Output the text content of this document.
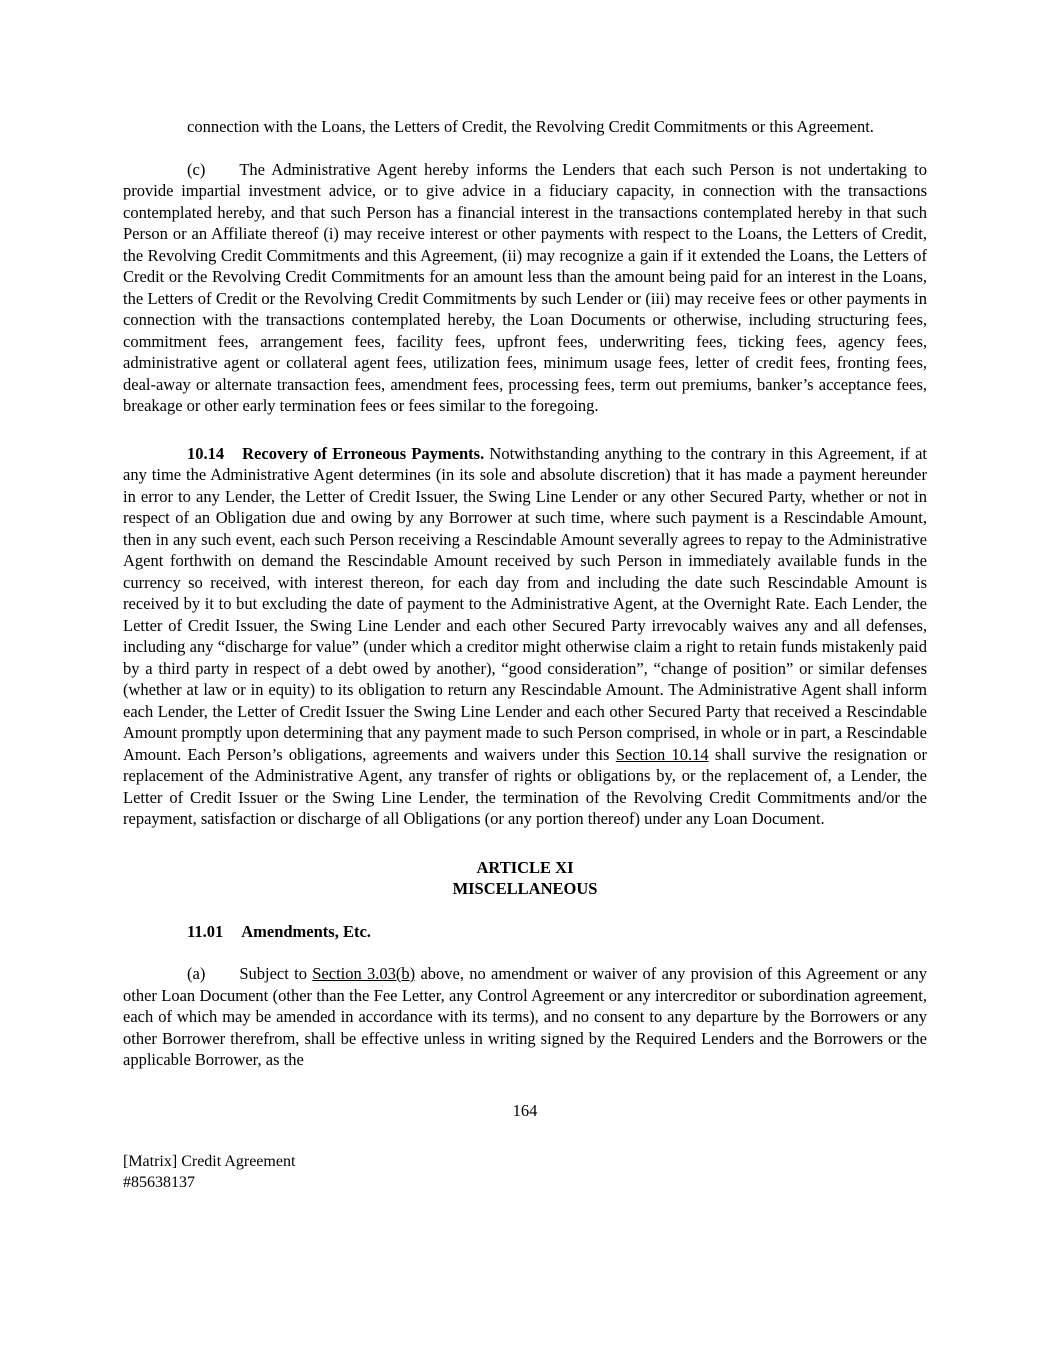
connection with the Loans, the Letters of Credit, the Revolving Credit Commitments or this Agreement.

(c) The Administrative Agent hereby informs the Lenders that each such Person is not undertaking to provide impartial investment advice, or to give advice in a fiduciary capacity, in connection with the transactions contemplated hereby, and that such Person has a financial interest in the transactions contemplated hereby in that such Person or an Affiliate thereof (i) may receive interest or other payments with respect to the Loans, the Letters of Credit, the Revolving Credit Commitments and this Agreement, (ii) may recognize a gain if it extended the Loans, the Letters of Credit or the Revolving Credit Commitments for an amount less than the amount being paid for an interest in the Loans, the Letters of Credit or the Revolving Credit Commitments by such Lender or (iii) may receive fees or other payments in connection with the transactions contemplated hereby, the Loan Documents or otherwise, including structuring fees, commitment fees, arrangement fees, facility fees, upfront fees, underwriting fees, ticking fees, agency fees, administrative agent or collateral agent fees, utilization fees, minimum usage fees, letter of credit fees, fronting fees, deal-away or alternate transaction fees, amendment fees, processing fees, term out premiums, banker’s acceptance fees, breakage or other early termination fees or fees similar to the foregoing.

10.14 Recovery of Erroneous Payments. Notwithstanding anything to the contrary in this Agreement, if at any time the Administrative Agent determines (in its sole and absolute discretion) that it has made a payment hereunder in error to any Lender, the Letter of Credit Issuer, the Swing Line Lender or any other Secured Party, whether or not in respect of an Obligation due and owing by any Borrower at such time, where such payment is a Rescindable Amount, then in any such event, each such Person receiving a Rescindable Amount severally agrees to repay to the Administrative Agent forthwith on demand the Rescindable Amount received by such Person in immediately available funds in the currency so received, with interest thereon, for each day from and including the date such Rescindable Amount is received by it to but excluding the date of payment to the Administrative Agent, at the Overnight Rate. Each Lender, the Letter of Credit Issuer, the Swing Line Lender and each other Secured Party irrevocably waives any and all defenses, including any “discharge for value” (under which a creditor might otherwise claim a right to retain funds mistakenly paid by a third party in respect of a debt owed by another), “good consideration”, “change of position” or similar defenses (whether at law or in equity) to its obligation to return any Rescindable Amount. The Administrative Agent shall inform each Lender, the Letter of Credit Issuer the Swing Line Lender and each other Secured Party that received a Rescindable Amount promptly upon determining that any payment made to such Person comprised, in whole or in part, a Rescindable Amount. Each Person’s obligations, agreements and waivers under this Section 10.14 shall survive the resignation or replacement of the Administrative Agent, any transfer of rights or obligations by, or the replacement of, a Lender, the Letter of Credit Issuer or the Swing Line Lender, the termination of the Revolving Credit Commitments and/or the repayment, satisfaction or discharge of all Obligations (or any portion thereof) under any Loan Document.

ARTICLE XI
MISCELLANEOUS

11.01 Amendments, Etc.

(a) Subject to Section 3.03(b) above, no amendment or waiver of any provision of this Agreement or any other Loan Document (other than the Fee Letter, any Control Agreement or any intercreditor or subordination agreement, each of which may be amended in accordance with its terms), and no consent to any departure by the Borrowers or any other Borrower therefrom, shall be effective unless in writing signed by the Required Lenders and the Borrowers or the applicable Borrower, as the

164
[Matrix] Credit Agreement
#85638137
